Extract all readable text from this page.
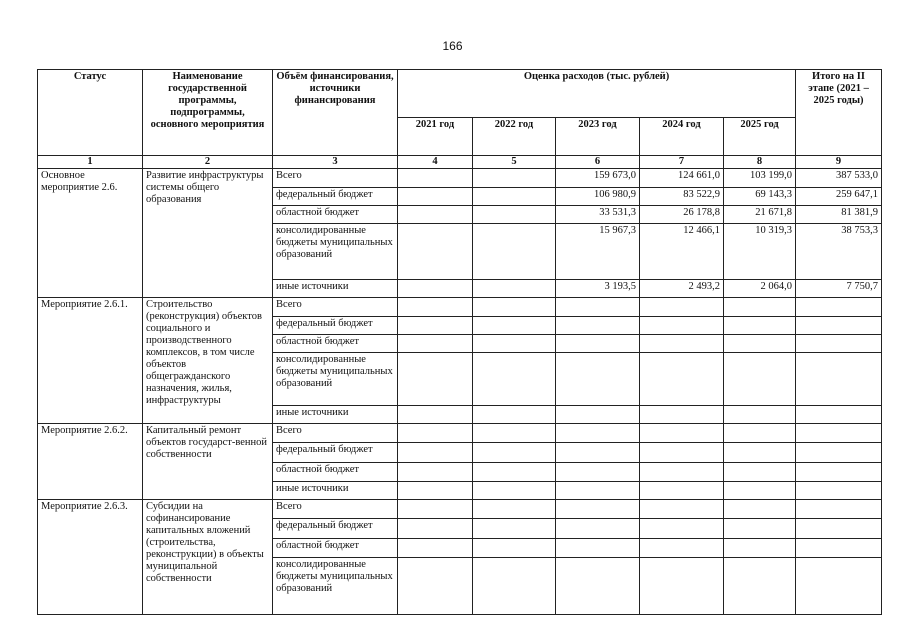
166
Статус	Наименование государственной программы, подпрограммы, основного мероприятия	Объём финансирования, источники финансирования	Оценка расходов (тыс. рублей)					Итого на II этапе (2021 – 2025 годы)
			2021 год	2022 год	2023 год	2024 год	2025 год	
1	2	3	4	5	6	7	8	9
Основное мероприятие 2.6.	Развитие инфраструктуры системы общего образования	Всего			159 673,0	124 661,0	103 199,0	387 533,0
		федеральный бюджет			106 980,9	83 522,9	69 143,3	259 647,1
		областной бюджет			33 531,3	26 178,8	21 671,8	81 381,9
		консолидированные бюджеты муниципальных образований			15 967,3	12 466,1	10 319,3	38 753,3
		иные источники			3 193,5	2 493,2	2 064,0	7 750,7
Мероприятие 2.6.1.	Строительство (реконструкция) объектов социального и производственного комплексов, в том числе объектов общегражданского назначения, жилья, инфраструктуры	Всего						
		федеральный бюджет						
		областной бюджет						
		консолидированные бюджеты муниципальных образований						
		иные источники						
Мероприятие 2.6.2.	Капитальный ремонт объектов государст-венной собственности	Всего						
		федеральный бюджет						
		областной бюджет						
		иные источники						
Мероприятие 2.6.3.	Субсидии на софинансирование капитальных вложений (строительства, реконструкции) в объекты муниципальной собственности	Всего						
		федеральный бюджет						
		областной бюджет						
		консолидированные бюджеты муниципальных образований						
